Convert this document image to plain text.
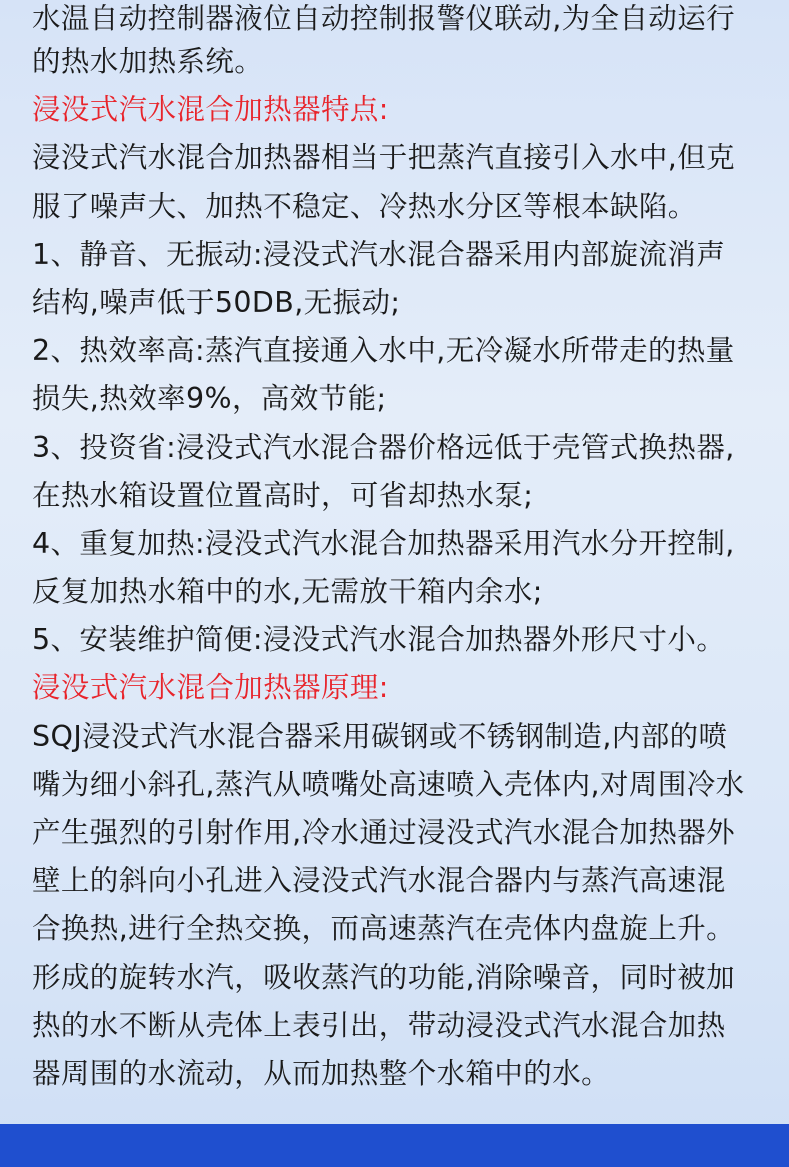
水温自动控制器液位自动控制报警仪联动,为全自动运行
的热水加热系统。
浸没式汽水混合加热器特点:
浸没式汽水混合加热器相当于把蒸汽直接引入水中,但克
服了噪声大、加热不稳定、冷热水分区等根本缺陷。
1、静音、无振动:浸没式汽水混合器采用内部旋流消声
结构,噪声低于50DB,无振动;
2、热效率高:蒸汽直接通入水中,无冷凝水所带走的热量
损失,热效率9%，高效节能;
3、投资省:浸没式汽水混合器价格远低于壳管式换热器,
在热水箱设置位置高时，可省却热水泵;
4、重复加热:浸没式汽水混合加热器采用汽水分开控制,
反复加热水箱中的水,无需放干箱内余水;
5、安装维护简便:浸没式汽水混合加热器外形尺寸小。
浸没式汽水混合加热器原理:
SQJ浸没式汽水混合器采用碳钢或不锈钢制造,内部的喷
嘴为细小斜孔,蒸汽从喷嘴处高速喷入壳体内,对周围冷水
产生强烈的引射作用,冷水通过浸没式汽水混合加热器外
壁上的斜向小孔进入浸没式汽水混合器内与蒸汽高速混
合换热,进行全热交换，而高速蒸汽在壳体内盘旋上升。
形成的旋转水汽，吸收蒸汽的功能,消除噪音，同时被加
热的水不断从壳体上表引出，带动浸没式汽水混合加热
器周围的水流动，从而加热整个水箱中的水。
